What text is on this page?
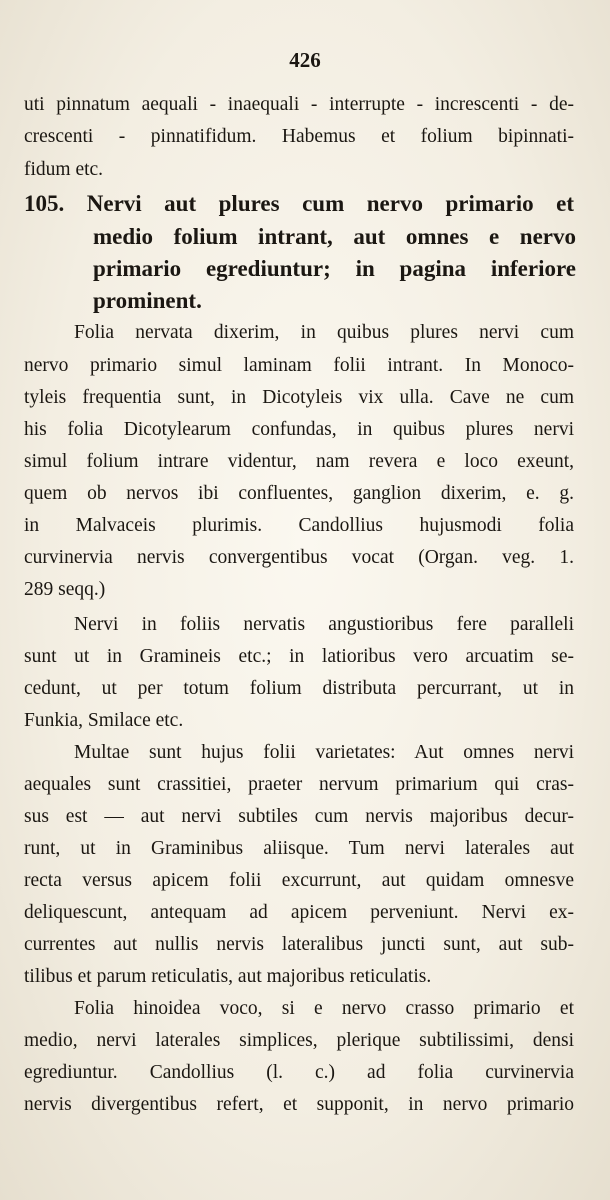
426
uti pinnatum aequali - inaequali - interrupte - increscenti - de-
crescenti - pinnatifidum. Habemus et folium bipinnati-
fidum etc.
105. Nervi aut plures cum nervo primario et
medio folium intrant, aut omnes e nervo
primario egrediuntur; in pagina inferiore
prominent.
Folia nervata dixerim, in quibus plures nervi cum
nervo primario simul laminam folii intrant. In Monoco-
tyleis frequentia sunt, in Dicotyleis vix ulla. Cave ne cum
his folia Dicotylearum confundas, in quibus plures nervi
simul folium intrare videntur, nam revera e loco exeunt,
quem ob nervos ibi confluentes, ganglion dixerim, e. g.
in Malvaceis plurimis. Candollius hujusmodi folia
curvinervia nervis convergentibus vocat (Organ. veg. 1.
289 seqq.)
Nervi in foliis nervatis angustioribus fere paralleli
sunt ut in Gramineis etc.; in latioribus vero arcuatim se-
cedunt, ut per totum folium distributa percurrant, ut in
Funkia, Smilace etc.
Multae sunt hujus folii varietates: Aut omnes nervi
aequales sunt crassitiei, praeter nervum primarium qui cras-
sus est — aut nervi subtiles cum nervis majoribus decur-
runt, ut in Graminibus aliisque. Tum nervi laterales aut
recta versus apicem folii excurrunt, aut quidam omnesve
deliquescunt, antequam ad apicem perveniunt. Nervi ex-
currentes aut nullis nervis lateralibus juncti sunt, aut sub-
tilibus et parum reticulatis, aut majoribus reticulatis.
Folia hinoidea voco, si e nervo crasso primario et
medio, nervi laterales simplices, plerique subtilissimi, densi
egrediuntur. Candollius (l. c.) ad folia curvinervia
nervis divergentibus refert, et supponit, in nervo primario
